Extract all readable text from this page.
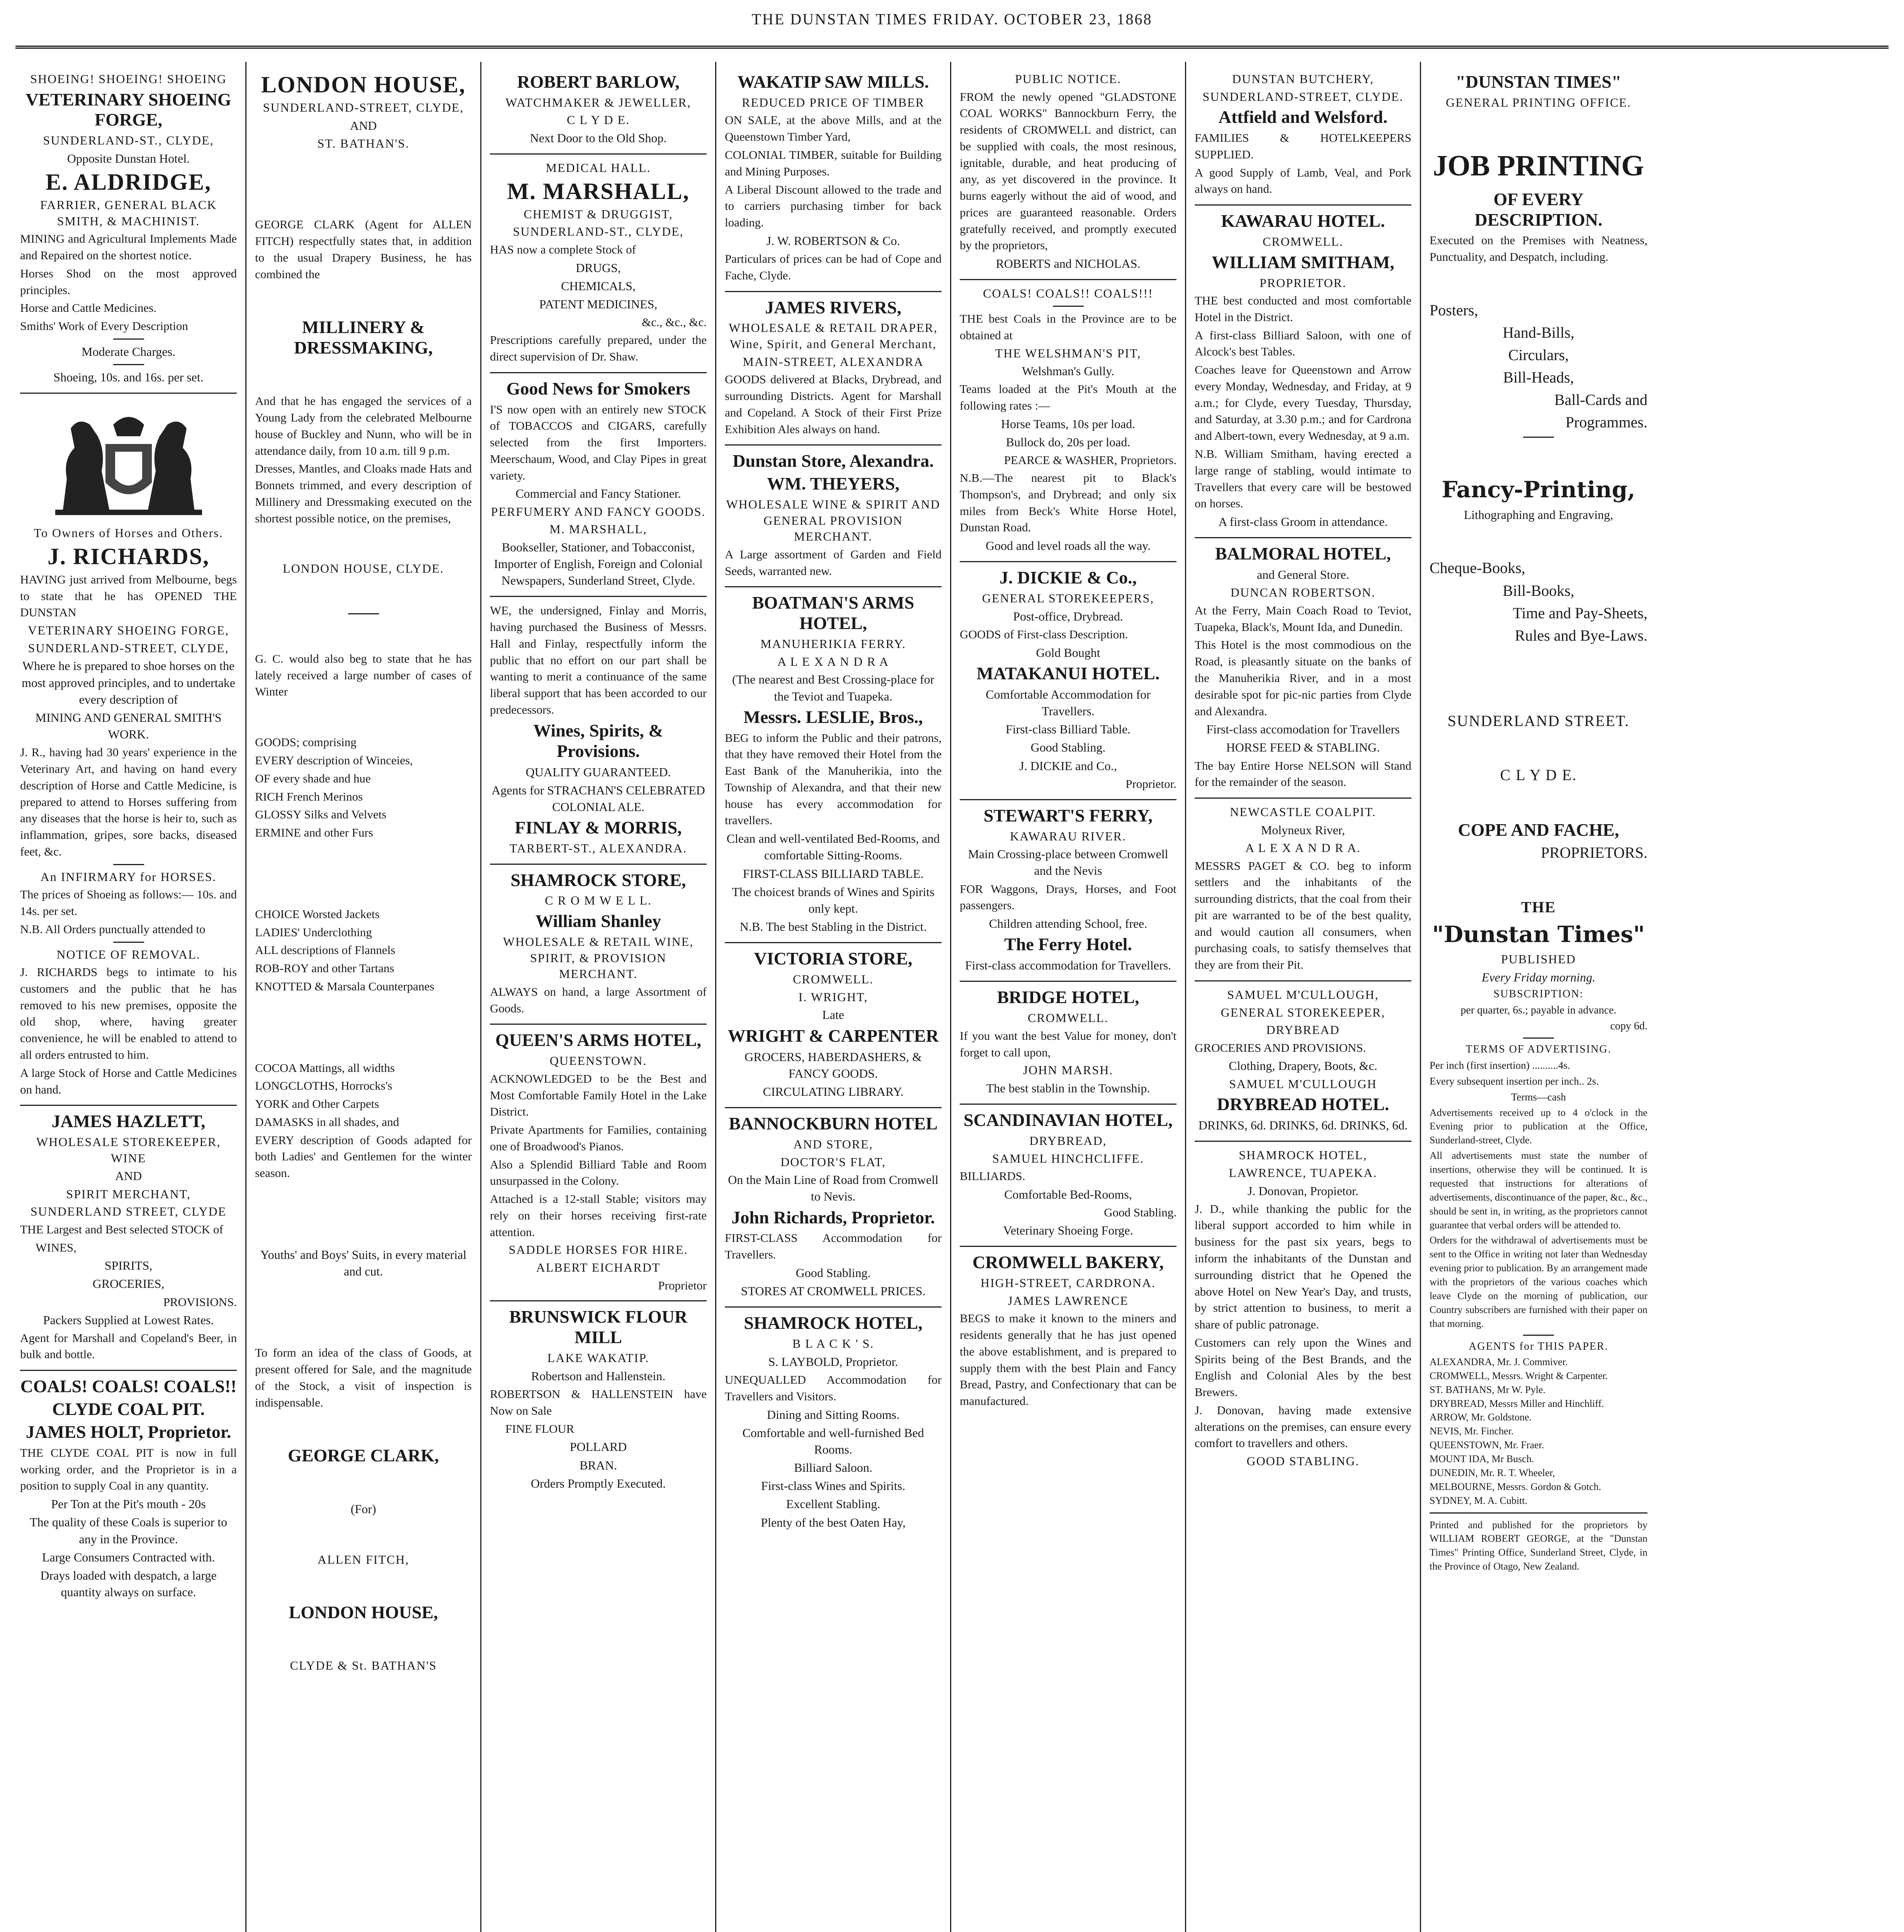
THE DUNSTAN TIMES FRIDAY. OCTOBER 23, 1868
SHOEING! SHOEING! SHOEING
VETERINARY SHOEING FORGE,
SUNDERLAND-ST., CLYDE,
Opposite Dunstan Hotel.
E. ALDRIDGE,
FARRIER, GENERAL BLACK SMITH, & MACHINIST.
MINING and Agricultural Implements Made and Repaired on the shortest notice.
Horses Shod on the most approved principles.
Horse and Cattle Medicines.
Smiths' Work of Every Description
Moderate Charges.
Shoeing, 10s. and 16s. per set.
To Owners of Horses and Others.
J. RICHARDS,
HAVING just arrived from Melbourne, begs to state that he has OPENED THE DUNSTAN
VETERINARY SHOEING FORGE,
SUNDERLAND-STREET, CLYDE,
Where he is prepared to shoe horses on the most approved principles, and to undertake every description of
MINING AND GENERAL SMITH'S WORK.
J. R., having had 30 years' experience in the Veterinary Art, and having on hand every description of Horse and Cattle Medicine, is prepared to attend to Horses suffering from any diseases that the horse is heir to, such as inflammation, gripes, sore backs, diseased feet, &c.
An INFIRMARY for HORSES.
The prices of Shoeing as follows:— 10s. and 14s. per set.
N.B. All Orders punctually attended to
NOTICE OF REMOVAL.
J. RICHARDS begs to intimate to his customers and the public that he has removed to his new premises, opposite the old shop, where, having greater convenience, he will be enabled to attend to all orders entrusted to him.
A large Stock of Horse and Cattle Medicines on hand.
JAMES HAZLETT,
WHOLESALE STOREKEEPER, WINE
AND
SPIRIT MERCHANT,
SUNDERLAND STREET, CLYDE
THE Largest and Best selected STOCK of
WINES,
SPIRITS,
GROCERIES,
PROVISIONS.
Packers Supplied at Lowest Rates.
Agent for Marshall and Copeland's Beer, in bulk and bottle.
COALS! COALS! COALS!!
CLYDE COAL PIT.
JAMES HOLT, Proprietor.
THE CLYDE COAL PIT is now in full working order, and the Proprietor is in a position to supply Coal in any quantity.
Per Ton at the Pit's mouth - 20s
The quality of these Coals is superior to any in the Province.
Large Consumers Contracted with.
Drays loaded with despatch, a large quantity always on surface.
LONDON HOUSE,
SUNDERLAND-STREET, CLYDE,
AND
ST. BATHAN'S.
GEORGE CLARK (Agent for ALLEN FITCH) respectfully states that, in addition to the usual Drapery Business, he has combined the
MILLINERY & DRESSMAKING,
And that he has engaged the services of a Young Lady from the celebrated Melbourne house of Buckley and Nunn, who will be in attendance daily, from 10 a.m. till 9 p.m.
Dresses, Mantles, and Cloaks made Hats and Bonnets trimmed, and every description of Millinery and Dressmaking executed on the shortest possible notice, on the premises,
LONDON HOUSE, CLYDE.
G. C. would also beg to state that he has lately received a large number of cases of Winter
GOODS; comprising
EVERY description of Winceies,
OF every shade and hue
RICH French Merinos
GLOSSY Silks and Velvets
ERMINE and other Furs
CHOICE Worsted Jackets
LADIES' Underclothing
ALL descriptions of Flannels
ROB-ROY and other Tartans
KNOTTED & Marsala Counterpanes
COCOA Mattings, all widths
LONGCLOTHS, Horrocks's
YORK and Other Carpets
DAMASKS in all shades, and
EVERY description of Goods adapted for both Ladies' and Gentlemen for the winter season.
Youths' and Boys' Suits, in every material and cut.
To form an idea of the class of Goods, at present offered for Sale, and the magnitude of the Stock, a visit of inspection is indispensable.
GEORGE CLARK,
(For)
ALLEN FITCH,
LONDON HOUSE,
CLYDE & St. BATHAN'S
ROBERT BARLOW,
WATCHMAKER & JEWELLER,
C L Y D E.
Next Door to the Old Shop.
MEDICAL HALL.
M. MARSHALL,
CHEMIST & DRUGGIST,
SUNDERLAND-ST., CLYDE,
HAS now a complete Stock of
DRUGS,
CHEMICALS,
PATENT MEDICINES,
&c., &c., &c.
Prescriptions carefully prepared, under the direct supervision of Dr. Shaw.
Good News for Smokers
I'S now open with an entirely new STOCK of TOBACCOS and CIGARS, carefully selected from the first Importers. Meerschaum, Wood, and Clay Pipes in great variety.
Commercial and Fancy Stationer.
PERFUMERY AND FANCY GOODS.
M. MARSHALL,
Bookseller, Stationer, and Tobacconist, Importer of English, Foreign and Colonial Newspapers, Sunderland Street, Clyde.
WE, the undersigned, Finlay and Morris, having purchased the Business of Messrs. Hall and Finlay, respectfully inform the public that no effort on our part shall be wanting to merit a continuance of the same liberal support that has been accorded to our predecessors.
Wines, Spirits, & Provisions.
QUALITY GUARANTEED.
Agents for STRACHAN'S CELEBRATED COLONIAL ALE.
FINLAY & MORRIS,
TARBERT-ST., ALEXANDRA.
SHAMROCK STORE,
C R O M W E L L.
William Shanley
WHOLESALE & RETAIL WINE, SPIRIT, & PROVISION MERCHANT.
ALWAYS on hand, a large Assortment of Goods.
QUEEN'S ARMS HOTEL,
QUEENSTOWN.
ACKNOWLEDGED to be the Best and Most Comfortable Family Hotel in the Lake District.
Private Apartments for Families, containing one of Broadwood's Pianos.
Also a Splendid Billiard Table and Room unsurpassed in the Colony.
Attached is a 12-stall Stable; visitors may rely on their horses receiving first-rate attention.
SADDLE HORSES FOR HIRE.
ALBERT EICHARDT
Proprietor
BRUNSWICK FLOUR MILL
LAKE WAKATIP.
Robertson and Hallenstein.
ROBERTSON & HALLENSTEIN have Now on Sale
FINE FLOUR
POLLARD
BRAN.
Orders Promptly Executed.
WAKATIP SAW MILLS.
REDUCED PRICE OF TIMBER
ON SALE, at the above Mills, and at the Queenstown Timber Yard,
COLONIAL TIMBER, suitable for Building and Mining Purposes.
A Liberal Discount allowed to the trade and to carriers purchasing timber for back loading.
J. W. ROBERTSON & Co.
Particulars of prices can be had of Cope and Fache, Clyde.
JAMES RIVERS,
WHOLESALE & RETAIL DRAPER, Wine, Spirit, and General Merchant,
MAIN-STREET, ALEXANDRA
GOODS delivered at Blacks, Drybread, and surrounding Districts. Agent for Marshall and Copeland. A Stock of their First Prize Exhibition Ales always on hand.
Dunstan Store, Alexandra.
WM. THEYERS,
WHOLESALE WINE & SPIRIT AND GENERAL PROVISION MERCHANT.
A Large assortment of Garden and Field Seeds, warranted new.
BOATMAN'S ARMS HOTEL,
MANUHERIKIA FERRY.
A L E X A N D R A
(The nearest and Best Crossing-place for the Teviot and Tuapeka.
Messrs. LESLIE, Bros.,
BEG to inform the Public and their patrons, that they have removed their Hotel from the East Bank of the Manuherikia, into the Township of Alexandra, and that their new house has every accommodation for travellers.
Clean and well-ventilated Bed-Rooms, and comfortable Sitting-Rooms.
FIRST-CLASS BILLIARD TABLE.
The choicest brands of Wines and Spirits only kept.
N.B. The best Stabling in the District.
VICTORIA STORE,
CROMWELL.
I. WRIGHT,
Late
WRIGHT & CARPENTER
GROCERS, HABERDASHERS, & FANCY GOODS.
CIRCULATING LIBRARY.
BANNOCKBURN HOTEL
AND STORE,
DOCTOR'S FLAT,
On the Main Line of Road from Cromwell to Nevis.
John Richards, Proprietor.
FIRST-CLASS Accommodation for Travellers.
Good Stabling.
STORES AT CROMWELL PRICES.
SHAMROCK HOTEL,
B L A C K ' S.
S. LAYBOLD, Proprietor.
UNEQUALLED Accommodation for Travellers and Visitors.
Dining and Sitting Rooms.
Comfortable and well-furnished Bed Rooms.
Billiard Saloon.
First-class Wines and Spirits.
Excellent Stabling.
Plenty of the best Oaten Hay,
PUBLIC NOTICE.
FROM the newly opened "GLADSTONE COAL WORKS" Bannockburn Ferry, the residents of CROMWELL and district, can be supplied with coals, the most resinous, ignitable, durable, and heat producing of any, as yet discovered in the province. It burns eagerly without the aid of wood, and prices are guaranteed reasonable. Orders gratefully received, and promptly executed by the proprietors,
ROBERTS and NICHOLAS.
COALS! COALS!! COALS!!!
THE best Coals in the Province are to be obtained at
THE WELSHMAN'S PIT,
Welshman's Gully.
Teams loaded at the Pit's Mouth at the following rates :—
Horse Teams, 10s per load.
Bullock do, 20s per load.
PEARCE & WASHER, Proprietors.
N.B.—The nearest pit to Black's Thompson's, and Drybread; and only six miles from Beck's White Horse Hotel, Dunstan Road.
Good and level roads all the way.
J. DICKIE & Co.,
GENERAL STOREKEEPERS,
Post-office, Drybread.
GOODS of First-class Description.
Gold Bought
MATAKANUI HOTEL.
Comfortable Accommodation for Travellers.
First-class Billiard Table.
Good Stabling.
J. DICKIE and Co.,
Proprietor.
STEWART'S FERRY,
KAWARAU RIVER.
Main Crossing-place between Cromwell and the Nevis
FOR Waggons, Drays, Horses, and Foot passengers.
Children attending School, free.
The Ferry Hotel.
First-class accommodation for Travellers.
BRIDGE HOTEL,
CROMWELL.
If you want the best Value for money, don't forget to call upon,
JOHN MARSH.
The best stablin in the Township.
SCANDINAVIAN HOTEL,
DRYBREAD,
SAMUEL HINCHCLIFFE.
BILLIARDS.
Comfortable Bed-Rooms,
Good Stabling.
Veterinary Shoeing Forge.
CROMWELL BAKERY,
HIGH-STREET, CARDRONA.
JAMES LAWRENCE
BEGS to make it known to the miners and residents generally that he has just opened the above establishment, and is prepared to supply them with the best Plain and Fancy Bread, Pastry, and Confectionary that can be manufactured.
DUNSTAN BUTCHERY,
SUNDERLAND-STREET, CLYDE.
Attfield and Welsford.
FAMILIES & HOTELKEEPERS SUPPLIED.
A good Supply of Lamb, Veal, and Pork always on hand.
KAWARAU HOTEL.
CROMWELL.
WILLIAM SMITHAM,
PROPRIETOR.
THE best conducted and most comfortable Hotel in the District.
A first-class Billiard Saloon, with one of Alcock's best Tables.
Coaches leave for Queenstown and Arrow every Monday, Wednesday, and Friday, at 9 a.m.; for Clyde, every Tuesday, Thursday, and Saturday, at 3.30 p.m.; and for Cardrona and Albert-town, every Wednesday, at 9 a.m.
N.B. William Smitham, having erected a large range of stabling, would intimate to Travellers that every care will be bestowed on horses.
A first-class Groom in attendance.
BALMORAL HOTEL,
and General Store.
DUNCAN ROBERTSON.
At the Ferry, Main Coach Road to Teviot, Tuapeka, Black's, Mount Ida, and Dunedin.
This Hotel is the most commodious on the Road, is pleasantly situate on the banks of the Manuherikia River, and in a most desirable spot for pic-nic parties from Clyde and Alexandra.
First-class accomodation for Travellers
HORSE FEED & STABLING.
The bay Entire Horse NELSON will Stand for the remainder of the season.
NEWCASTLE COALPIT.
Molyneux River,
A L E X A N D R A.
MESSRS PAGET & CO. beg to inform settlers and the inhabitants of the surrounding districts, that the coal from their pit are warranted to be of the best quality, and would caution all consumers, when purchasing coals, to satisfy themselves that they are from their Pit.
SAMUEL M'CULLOUGH,
GENERAL STOREKEEPER,
DRYBREAD
GROCERIES AND PROVISIONS.
Clothing, Drapery, Boots, &c.
SAMUEL M'CULLOUGH
DRYBREAD HOTEL.
DRINKS, 6d. DRINKS, 6d. DRINKS, 6d.
SHAMROCK HOTEL,
LAWRENCE, TUAPEKA.
J. Donovan, Propietor.
J. D., while thanking the public for the liberal support accorded to him while in business for the past six years, begs to inform the inhabitants of the Dunstan and surrounding district that he Opened the above Hotel on New Year's Day, and trusts, by strict attention to business, to merit a share of public patronage.
Customers can rely upon the Wines and Spirits being of the Best Brands, and the English and Colonial Ales by the best Brewers.
J. Donovan, having made extensive alterations on the premises, can ensure every comfort to travellers and others.
GOOD STABLING.
"DUNSTAN TIMES"
GENERAL PRINTING OFFICE.
JOB PRINTING
OF EVERY DESCRIPTION.
Executed on the Premises with Neatness, Punctuality, and Despatch, including.
Posters,
Hand-Bills,
Circulars,
Bill-Heads,
Ball-Cards and
Programmes.
Fancy-Printing,
Lithographing and Engraving,
Cheque-Books,
Bill-Books,
Time and Pay-Sheets,
Rules and Bye-Laws.
SUNDERLAND STREET.
C L Y D E.
COPE AND FACHE,
PROPRIETORS.
THE
"Dunstan Times"
PUBLISHED
Every Friday morning.
SUBSCRIPTION:
per quarter, 6s.; payable in advance.
copy 6d.
TERMS OF ADVERTISING.
Per inch (first insertion) ..........4s.
Every subsequent insertion per inch.. 2s.
Terms—cash
Advertisements received up to 4 o'clock in the Evening prior to publication at the Office, Sunderland-street, Clyde.
All advertisements must state the number of insertions, otherwise they will be continued. It is requested that instructions for alterations of advertisements, discontinuance of the paper, &c., &c., should be sent in, in writing, as the proprietors cannot guarantee that verbal orders will be attended to.
Orders for the withdrawal of advertisements must be sent to the Office in writing not later than Wednesday evening prior to publication. By an arrangement made with the proprietors of the various coaches which leave Clyde on the morning of publication, our Country subscribers are furnished with their paper on that morning.
AGENTS for THIS PAPER.
ALEXANDRA, Mr. J. Commiver.
CROMWELL, Messrs. Wright & Carpenter.
ST. BATHANS, Mr W. Pyle.
DRYBREAD, Messrs Miller and Hinchliff.
ARROW, Mr. Goldstone.
NEVIS, Mr. Fincher.
QUEENSTOWN, Mr. Fraer.
MOUNT IDA, Mr Busch.
DUNEDIN, Mr. R. T. Wheeler,
MELBOURNE, Messrs. Gordon & Gotch.
SYDNEY, M. A. Cubitt.
Printed and published for the proprietors by WILLIAM ROBERT GEORGE, at the "Dunstan Times" Printing Office, Sunderland Street, Clyde, in the Province of Otago, New Zealand.
